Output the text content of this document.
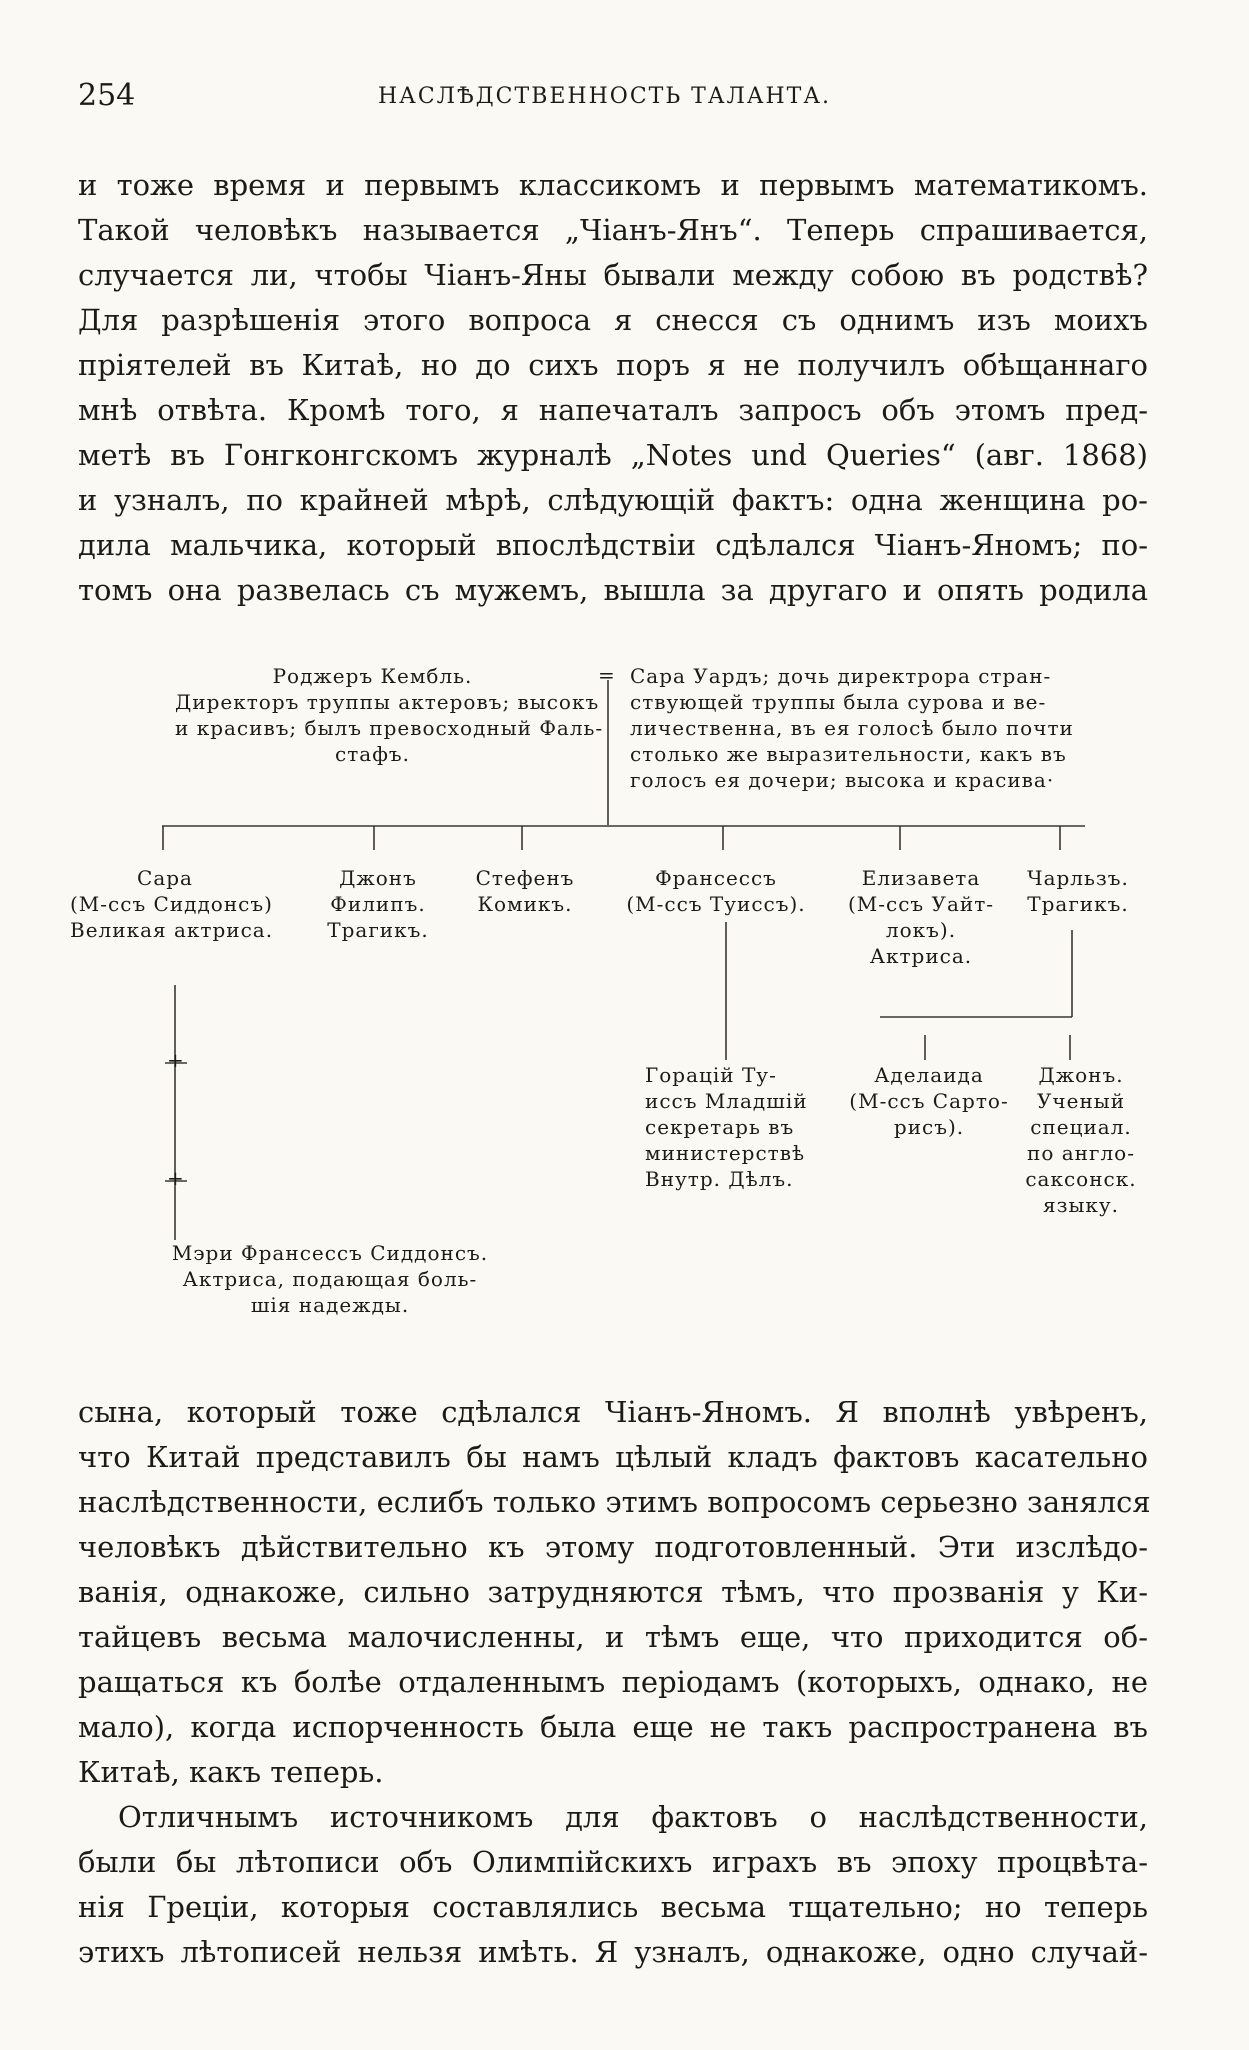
254	НАСЛѢДСТВЕННОСТЬ ТАЛАНТА.
и тоже время и первымъ классикомъ и первымъ математикомъ.
Такой человѣкъ называется „Чіанъ-Янъ“. Теперь спрашивается,
случается ли, чтобы Чіанъ-Яны бывали между собою въ родствѣ?
Для разрѣшенія этого вопроса я снесся съ однимъ изъ моихъ
пріятелей въ Китаѣ, но до сихъ поръ я не получилъ обѣщаннаго
мнѣ отвѣта. Кромѣ того, я напечаталъ запросъ объ этомъ пред-
метѣ въ Гонгконгскомъ журналѣ „Notes und Queries“ (авг. 1868)
и узналъ, по крайней мѣрѣ, слѣдующій фактъ: одна женщина ро-
дила мальчика, который впослѣдствіи сдѣлался Чіанъ-Яномъ; по-
томъ она развелась съ мужемъ, вышла за другаго и опять родила
Роджеръ Кембль.
Директоръ труппы актеровъ; высокъ
и красивъ; былъ превосходный Фаль-
стафъ.
= Сара Уардъ; дочь директрора стран-
ствующей труппы была сурова и ве-
личественна, въ ея голосѣ было почти
столько же выразительности, какъ въ
голосъ ея дочери; высока и красива·
Сара
(М-ссъ Сиддонсъ)
Великая актриса.
Джонъ
Филипъ.
Трагикъ.
Стефенъ
Комикъ.
Франсессъ
(М-ссъ Туиссъ).
Елизавета
(М-ссъ Уайт-
локъ).
Актриса.
Чарльзъ.
Трагикъ.
+
+
Горацій Ту-
иссъ Младшій
секретарь въ
министерствѣ
Внутр. Дѣлъ.
Аделаида
(М-ссъ Сарто-
рисъ).
Джонъ.
Ученый
специал.
по англо-
саксонск.
языку.
Мэри Франсессъ Сиддонсъ.
Актриса, подающая боль-
шія надежды.
сына, который тоже сдѣлался Чіанъ-Яномъ. Я вполнѣ увѣренъ,
что Китай представилъ бы намъ цѣлый кладъ фактовъ касательно
наслѣдственности, еслибъ только этимъ вопросомъ серьезно занялся
человѣкъ дѣйствительно къ этому подготовленный. Эти изслѣдо-
ванія, однакоже, сильно затрудняются тѣмъ, что прозванія у Ки-
тайцевъ весьма малочисленны, и тѣмъ еще, что приходится об-
ращаться къ болѣе отдаленнымъ періодамъ (которыхъ, однако, не
мало), когда испорченность была еще не такъ распространена въ
Китаѣ, какъ теперь.
Отличнымъ источникомъ для фактовъ о наслѣдственности,
были бы лѣтописи объ Олимпійскихъ играхъ въ эпоху процвѣта-
нія Греціи, которыя составлялись весьма тщательно; но теперь
этихъ лѣтописей нельзя имѣть. Я узналъ, однакоже, одно случай-
